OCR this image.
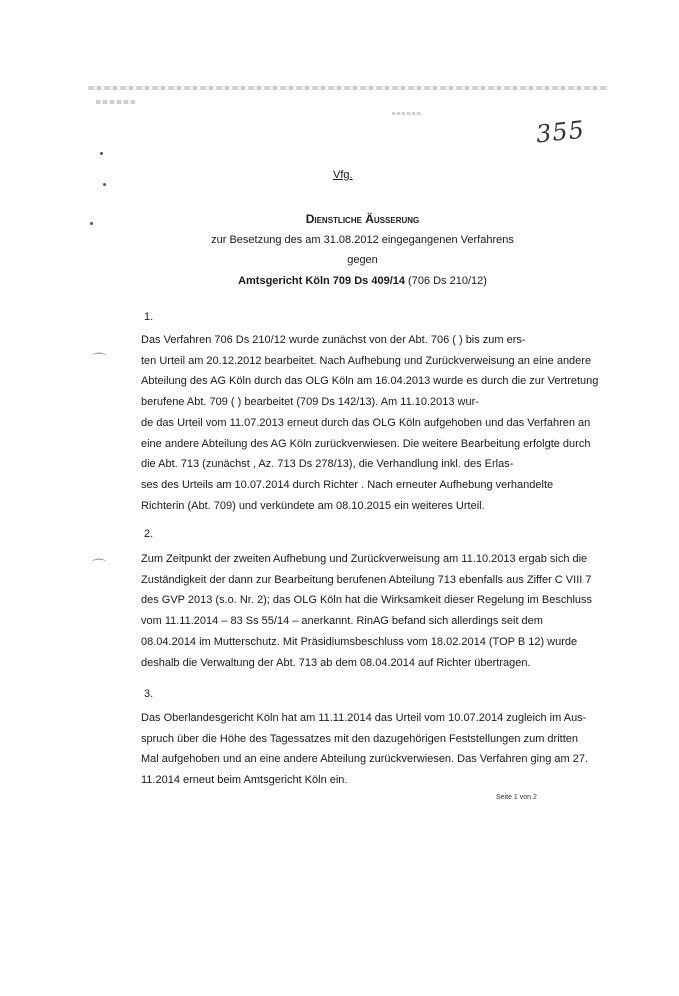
355
Vfg.
Dienstliche Äußerung
zur Besetzung des am 31.08.2012 eingegangenen Verfahrens
gegen
Amtsgericht Köln 709 Ds 409/14 (706 Ds 210/12)
1.
Das Verfahren 706 Ds 210/12 wurde zunächst von der Abt. 706 ( ) bis zum ers-
ten Urteil am 20.12.2012 bearbeitet. Nach Aufhebung und Zurückverweisung an eine andere
Abteilung des AG Köln durch das OLG Köln am 16.04.2013 wurde es durch die zur Vertretung
berufene Abt. 709 ( ) bearbeitet (709 Ds 142/13). Am 11.10.2013 wur-
de das Urteil vom 11.07.2013 erneut durch das OLG Köln aufgehoben und das Verfahren an
eine andere Abteilung des AG Köln zurückverwiesen. Die weitere Bearbeitung erfolgte durch
die Abt. 713 (zunächst , Az. 713 Ds 278/13), die Verhandlung inkl. des Erlas-
ses des Urteils am 10.07.2014 durch Richter . Nach erneuter Aufhebung verhandelte
Richterin (Abt. 709) und verkündete am 08.10.2015 ein weiteres Urteil.
⌒
2.
Zum Zeitpunkt der zweiten Aufhebung und Zurückverweisung am 11.10.2013 ergab sich die
Zuständigkeit der dann zur Bearbeitung berufenen Abteilung 713 ebenfalls aus Ziffer C VIII 7
des GVP 2013 (s.o. Nr. 2); das OLG Köln hat die Wirksamkeit dieser Regelung im Beschluss
vom 11.11.2014 – 83 Ss 55/14 – anerkannt. RinAG befand sich allerdings seit dem
08.04.2014 im Mutterschutz. Mit Präsidiumsbeschluss vom 18.02.2014 (TOP B 12) wurde
deshalb die Verwaltung der Abt. 713 ab dem 08.04.2014 auf Richter übertragen.
⌒
3.
Das Oberlandesgericht Köln hat am 11.11.2014 das Urteil vom 10.07.2014 zugleich im Aus-
spruch über die Höhe des Tagessatzes mit den dazugehörigen Feststellungen zum dritten
Mal aufgehoben und an eine andere Abteilung zurückverwiesen. Das Verfahren ging am 27.
11.2014 erneut beim Amtsgericht Köln ein.
Seite 1 von 2
